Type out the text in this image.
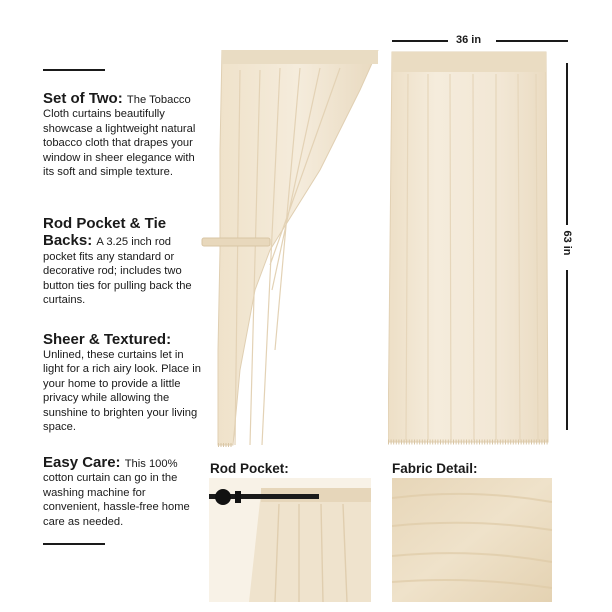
Set of Two: The Tobacco Cloth curtains beautifully showcase a lightweight natural tobacco cloth that drapes your window in sheer elegance with its soft and simple texture.
Rod Pocket & Tie Backs: A 3.25 inch rod pocket fits any standard or decorative rod; includes two button ties for pulling back the curtains.
Sheer & Textured:
Unlined, these curtains let in light for a rich airy look. Place in your home to provide a little privacy while allowing the sunshine to brighten your living space.
Easy Care: This 100% cotton curtain can go in the washing machine for convenient, hassle-free home care as needed.
36 in
63 in
Rod Pocket:	Fabric Detail:
